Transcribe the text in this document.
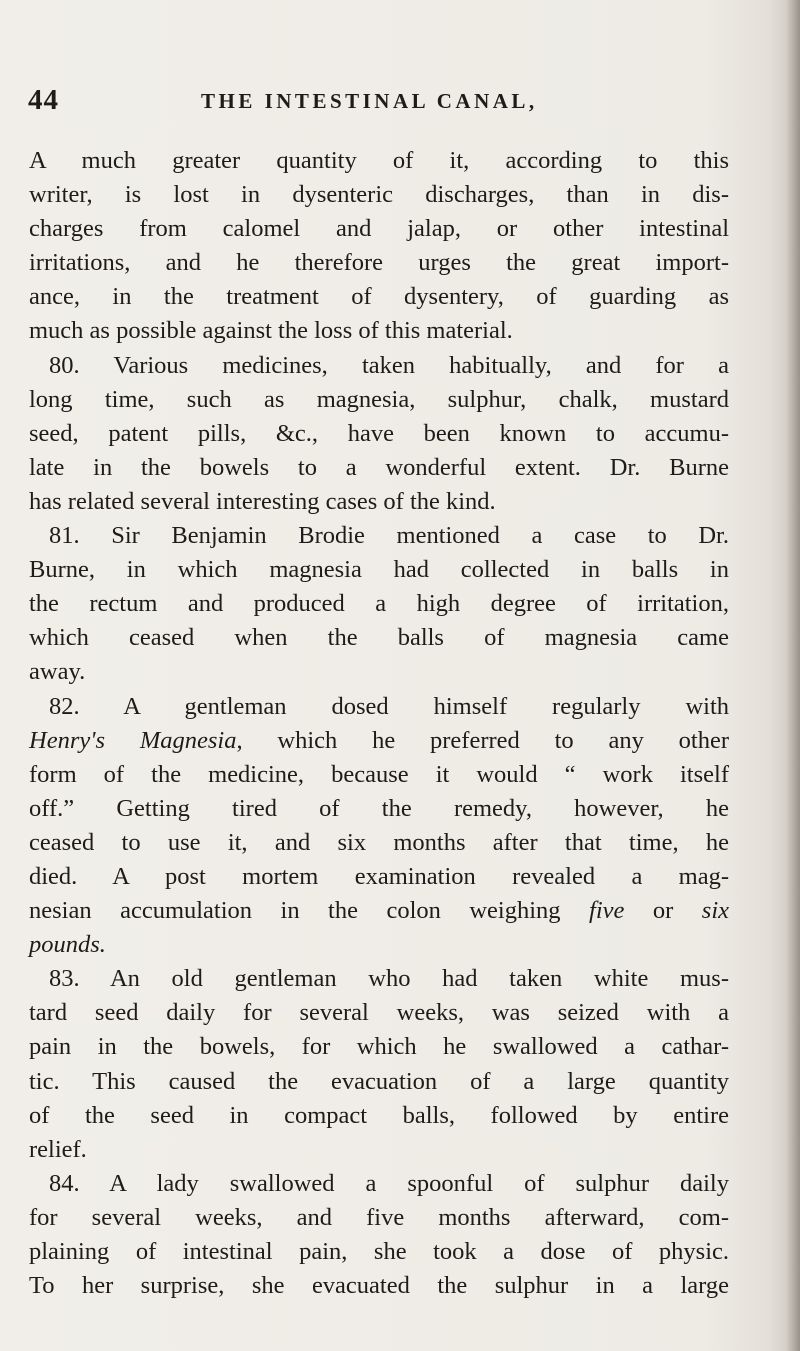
44	THE INTESTINAL CANAL,

A much greater quantity of it, according to this
writer, is lost in dysenteric discharges, than in dis-
charges from calomel and jalap, or other intestinal
irritations, and he therefore urges the great import-
ance, in the treatment of dysentery, of guarding as
much as possible against the loss of this material.

80. Various medicines, taken habitually, and for a

long time, such as magnesia, sulphur, chalk, mustard
seed, patent pills, &c., have been known to accumu-
late in the bowels to a wonderful extent. Dr. Burne
has related several interesting cases of the kind.

81. Sir Benjamin Brodie mentioned a case to Dr.

Burne, in which magnesia had collected in balls in
the rectum and produced a high degree of irritation,
which ceased when the balls of magnesia came
away.

82. A gentleman dosed himself regularly with

Henry's Magnesia, which he preferred to any other
form of the medicine, because it would “ work itself
off.” Getting tired of the remedy, however, he
ceased to use it, and six months after that time, he
died. A post mortem examination revealed a mag-
nesian accumulation in the colon weighing five or six
pounds.

83. An old gentleman who had taken white mus-

tard seed daily for several weeks, was seized with a
pain in the bowels, for which he swallowed a cathar-
tic. This caused the evacuation of a large quantity
of the seed in compact balls, followed by entire
relief.

84. A lady swallowed a spoonful of sulphur daily

for several weeks, and five months afterward, com-
plaining of intestinal pain, she took a dose of physic.
To her surprise, she evacuated the sulphur in a large
